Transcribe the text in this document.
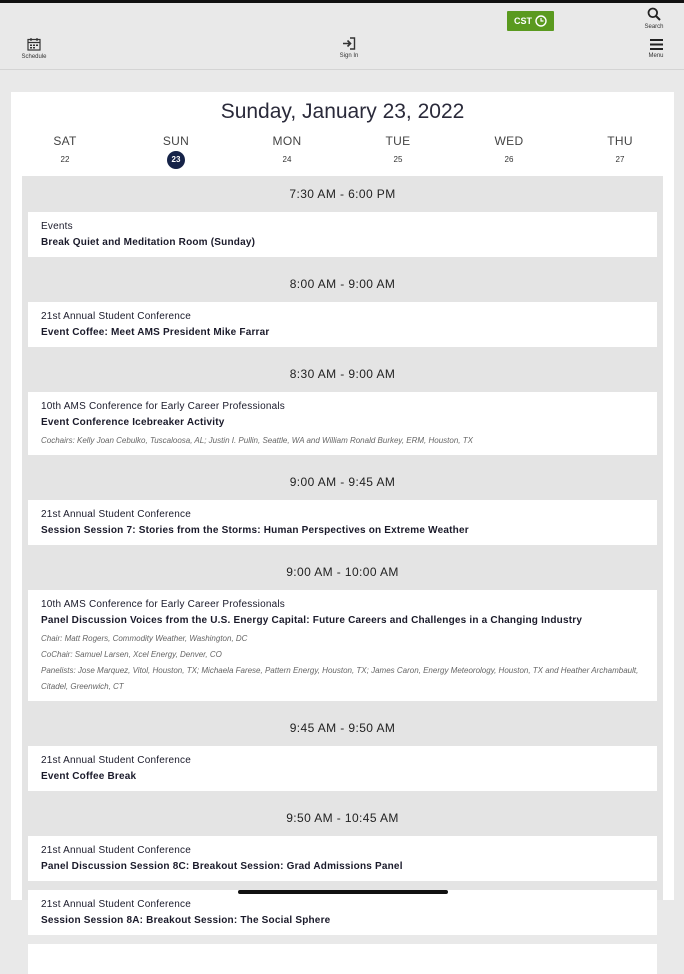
Schedule	Sign In
CST
Search
Menu
Sunday, January 23, 2022
SAT
22
SUN
23
MON
24
TUE
25
WED
26
THU
27
7:30 AM - 6:00 PM
Events
Break Quiet and Meditation Room (Sunday)
8:00 AM - 9:00 AM
21st Annual Student Conference
Event Coffee: Meet AMS President Mike Farrar
8:30 AM - 9:00 AM
10th AMS Conference for Early Career Professionals
Event Conference Icebreaker Activity
Cochairs: Kelly Joan Cebulko, Tuscaloosa, AL; Justin I. Pullin, Seattle, WA and William Ronald Burkey, ERM, Houston, TX
9:00 AM - 9:45 AM
21st Annual Student Conference
Session Session 7: Stories from the Storms: Human Perspectives on Extreme Weather
9:00 AM - 10:00 AM
10th AMS Conference for Early Career Professionals
Panel Discussion Voices from the U.S. Energy Capital: Future Careers and Challenges in a Changing Industry
Chair: Matt Rogers, Commodity Weather, Washington, DC
CoChair: Samuel Larsen, Xcel Energy, Denver, CO
Panelists: Jose Marquez, Vitol, Houston, TX; Michaela Farese, Pattern Energy, Houston, TX; James Caron, Energy Meteorology, Houston, TX and Heather Archambault, Citadel, Greenwich, CT
9:45 AM - 9:50 AM
21st Annual Student Conference
Event Coffee Break
9:50 AM - 10:45 AM
21st Annual Student Conference
Panel Discussion Session 8C: Breakout Session: Grad Admissions Panel
21st Annual Student Conference
Session Session 8A: Breakout Session: The Social Sphere
